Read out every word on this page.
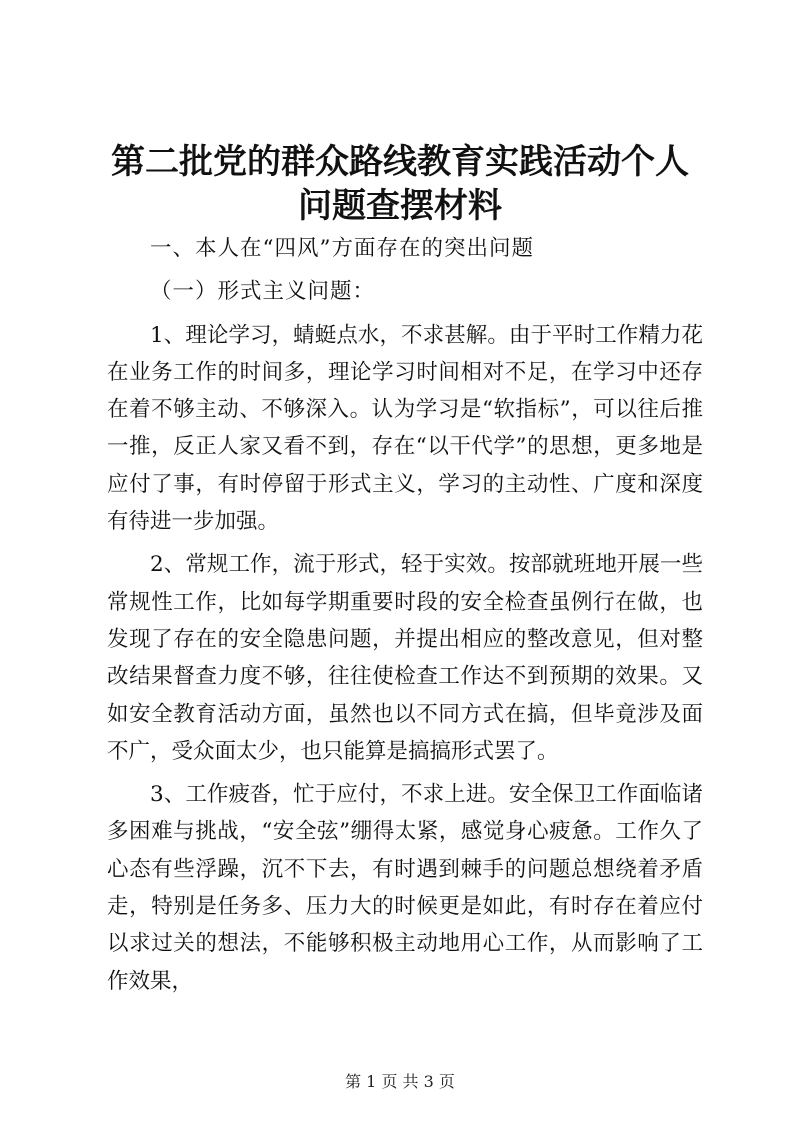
第二批党的群众路线教育实践活动个人问题查摆材料

一、本人在“四风”方面存在的突出问题

（一）形式主义问题：

1、理论学习，蜻蜓点水，不求甚解。由于平时工作精力花在业务工作的时间多，理论学习时间相对不足，在学习中还存在着不够主动、不够深入。认为学习是“软指标”，可以往后推一推，反正人家又看不到，存在“以干代学”的思想，更多地是应付了事，有时停留于形式主义，学习的主动性、广度和深度有待进一步加强。

2、常规工作，流于形式，轻于实效。按部就班地开展一些常规性工作，比如每学期重要时段的安全检查虽例行在做，也发现了存在的安全隐患问题，并提出相应的整改意见，但对整改结果督查力度不够，往往使检查工作达不到预期的效果。又如安全教育活动方面，虽然也以不同方式在搞，但毕竟涉及面不广，受众面太少，也只能算是搞搞形式罢了。

3、工作疲沓，忙于应付，不求上进。安全保卫工作面临诸多困难与挑战，“安全弦”绷得太紧，感觉身心疲惫。工作久了心态有些浮躁，沉不下去，有时遇到棘手的问题总想绕着矛盾走，特别是任务多、压力大的时候更是如此，有时存在着应付以求过关的想法，不能够积极主动地用心工作，从而影响了工作效果，

第 1 页 共 3 页
